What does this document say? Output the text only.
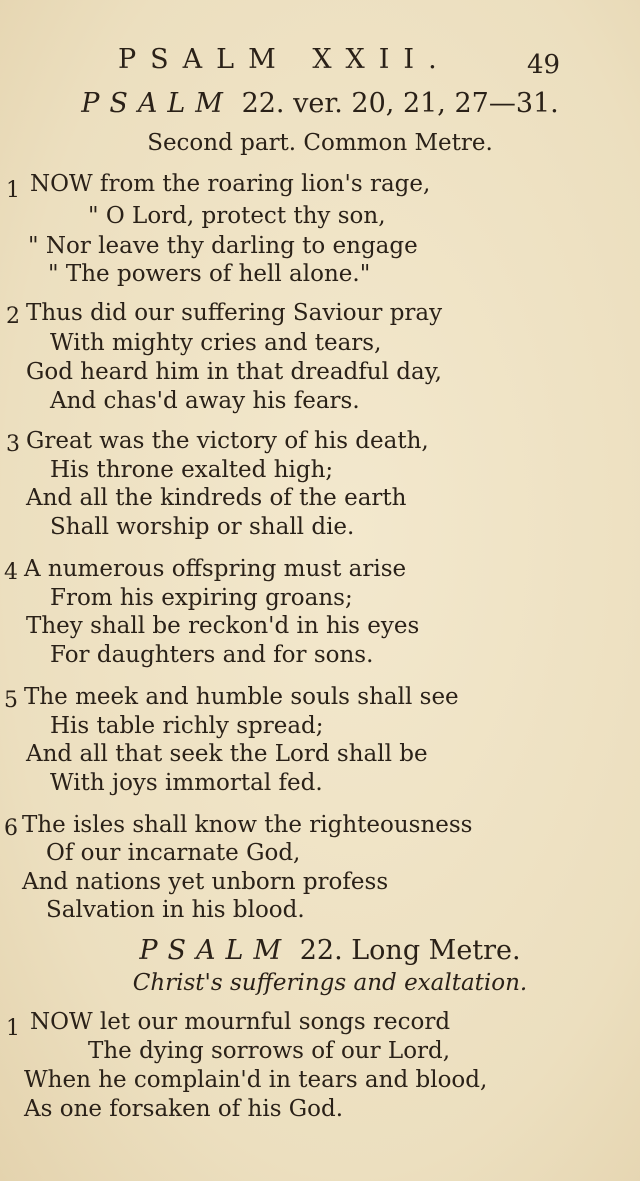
PSALM XXII.	49
PSALM 22. ver. 20, 21, 27—31.
Second part. Common Metre.
1 NOW from the roaring lion's rage,
" O Lord, protect thy son,
" Nor leave thy darling to engage
" The powers of hell alone."
2 Thus did our suffering Saviour pray
With mighty cries and tears,
God heard him in that dreadful day,
And chas'd away his fears.
3 Great was the victory of his death,
His throne exalted high;
And all the kindreds of the earth
Shall worship or shall die.
4 A numerous offspring must arise
From his expiring groans;
They shall be reckon'd in his eyes
For daughters and for sons.
5 The meek and humble souls shall see
His table richly spread;
And all that seek the Lord shall be
With joys immortal fed.
6 The isles shall know the righteousness
Of our incarnate God,
And nations yet unborn profess
Salvation in his blood.
PSALM 22. Long Metre.
Christ's sufferings and exaltation.
1 NOW let our mournful songs record
The dying sorrows of our Lord,
When he complain'd in tears and blood,
As one forsaken of his God.
